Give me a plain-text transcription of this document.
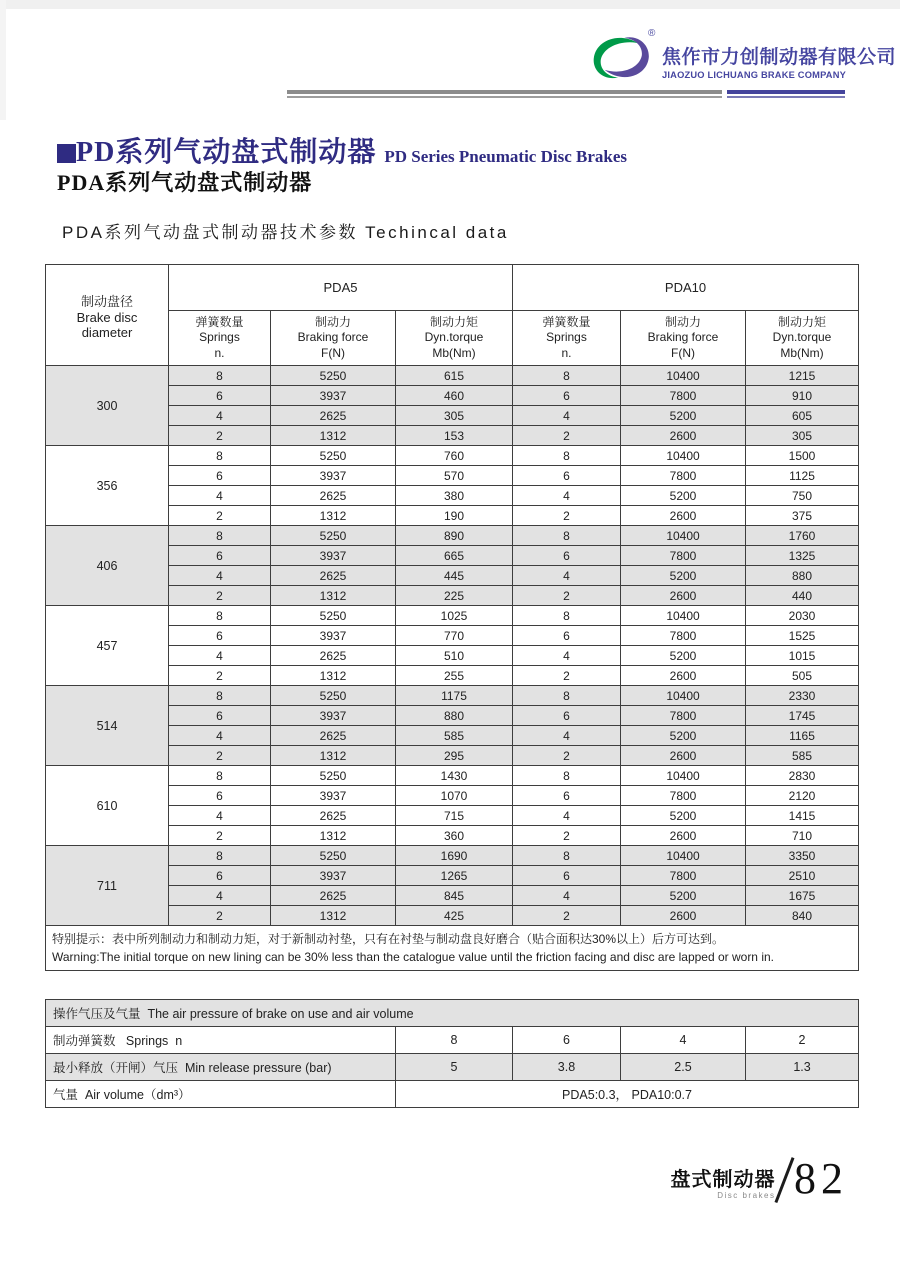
®
焦作市力创制动器有限公司
JIAOZUO LICHUANG BRAKE COMPANY
PD系列气动盘式制动器 PD Series Pneumatic Disc Brakes
PDA系列气动盘式制动器
PDA系列气动盘式制动器技术参数 Techincal data
制动盘径
Brake disc
diameter	PDA5			PDA10		

弹簧数量
Springs
n.

制动力
Braking force
F(N)

制动力矩
Dyn.torque
Mb(Nm)

弹簧数量
Springs
n.

制动力
Braking force
F(N)

制动力矩
Dyn.torque
Mb(Nm)

300	8	5250	615	8	10400	1215
	6	3937	460	6	7800	910
	4	2625	305	4	5200	605
	2	1312	153	2	2600	305
356	8	5250	760	8	10400	1500
	6	3937	570	6	7800	1125
	4	2625	380	4	5200	750
	2	1312	190	2	2600	375
406	8	5250	890	8	10400	1760
	6	3937	665	6	7800	1325
	4	2625	445	4	5200	880
	2	1312	225	2	2600	440
457	8	5250	1025	8	10400	2030
	6	3937	770	6	7800	1525
	4	2625	510	4	5200	1015
	2	1312	255	2	2600	505
514	8	5250	1175	8	10400	2330
	6	3937	880	6	7800	1745
	4	2625	585	4	5200	1165
	2	1312	295	2	2600	585
610	8	5250	1430	8	10400	2830
	6	3937	1070	6	7800	2120
	4	2625	715	4	5200	1415
	2	1312	360	2	2600	710
711	8	5250	1690	8	10400	3350
	6	3937	1265	6	7800	2510
	4	2625	845	4	5200	1675
	2	1312	425	2	2600	840

特别提示：表中所列制动力和制动力矩，对于新制动衬垫，只有在衬垫与制动盘良好磨合（贴合面积达30%以上）后方可达到。
Warning:The initial torque on new lining can be 30% less than the catalogue value until the friction facing and disc are lapped or worn in.						
操作气压及气量  The air pressure of brake on use and air volume				
制动弹簧数   Springs  n	8	6	4	2
最小释放（开闸）气压  Min release pressure (bar)	5	3.8	2.5	1.3
气量  Air volume（dm³）	PDA5:0.3， PDA10:0.7			
盘式制动器
Disc brakes 82
